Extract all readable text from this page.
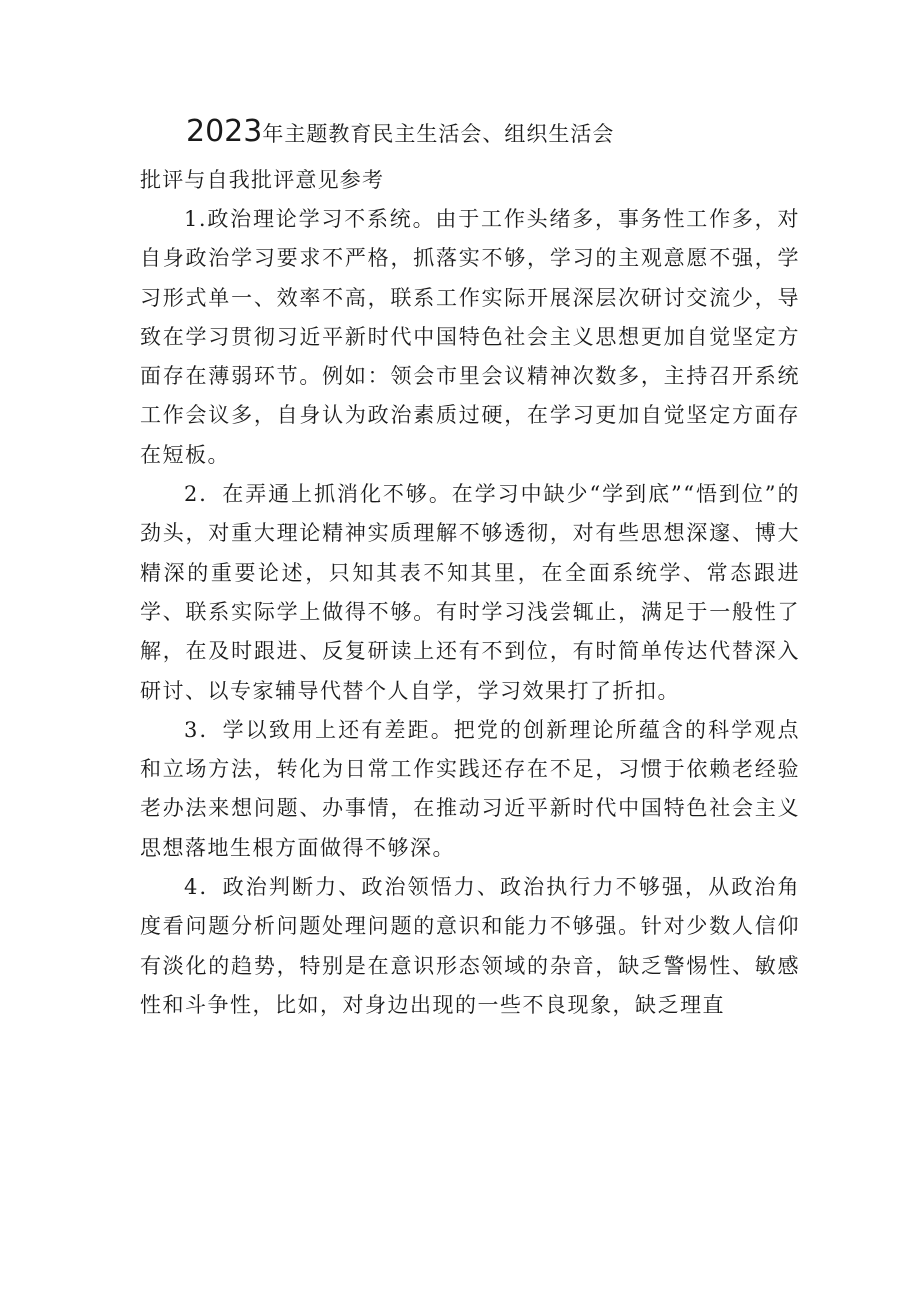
2023年主题教育民主生活会、组织生活会
批评与自我批评意见参考

1.政治理论学习不系统。由于工作头绪多，事务性工作多，对自身政治学习要求不严格，抓落实不够，学习的主观意愿不强，学习形式单一、效率不高，联系工作实际开展深层次研讨交流少，导致在学习贯彻习近平新时代中国特色社会主义思想更加自觉坚定方面存在薄弱环节。例如：领会市里会议精神次数多，主持召开系统工作会议多，自身认为政治素质过硬，在学习更加自觉坚定方面存在短板。

2．在弄通上抓消化不够。在学习中缺少“学到底”“悟到位”的劲头，对重大理论精神实质理解不够透彻，对有些思想深邃、博大精深的重要论述，只知其表不知其里，在全面系统学、常态跟进学、联系实际学上做得不够。有时学习浅尝辄止，满足于一般性了解，在及时跟进、反复研读上还有不到位，有时简单传达代替深入研讨、以专家辅导代替个人自学，学习效果打了折扣。

3．学以致用上还有差距。把党的创新理论所蕴含的科学观点和立场方法，转化为日常工作实践还存在不足，习惯于依赖老经验老办法来想问题、办事情，在推动习近平新时代中国特色社会主义思想落地生根方面做得不够深。

4．政治判断力、政治领悟力、政治执行力不够强，从政治角度看问题分析问题处理问题的意识和能力不够强。针对少数人信仰有淡化的趋势，特别是在意识形态领域的杂音，缺乏警惕性、敏感性和斗争性，比如，对身边出现的一些不良现象，缺乏理直
